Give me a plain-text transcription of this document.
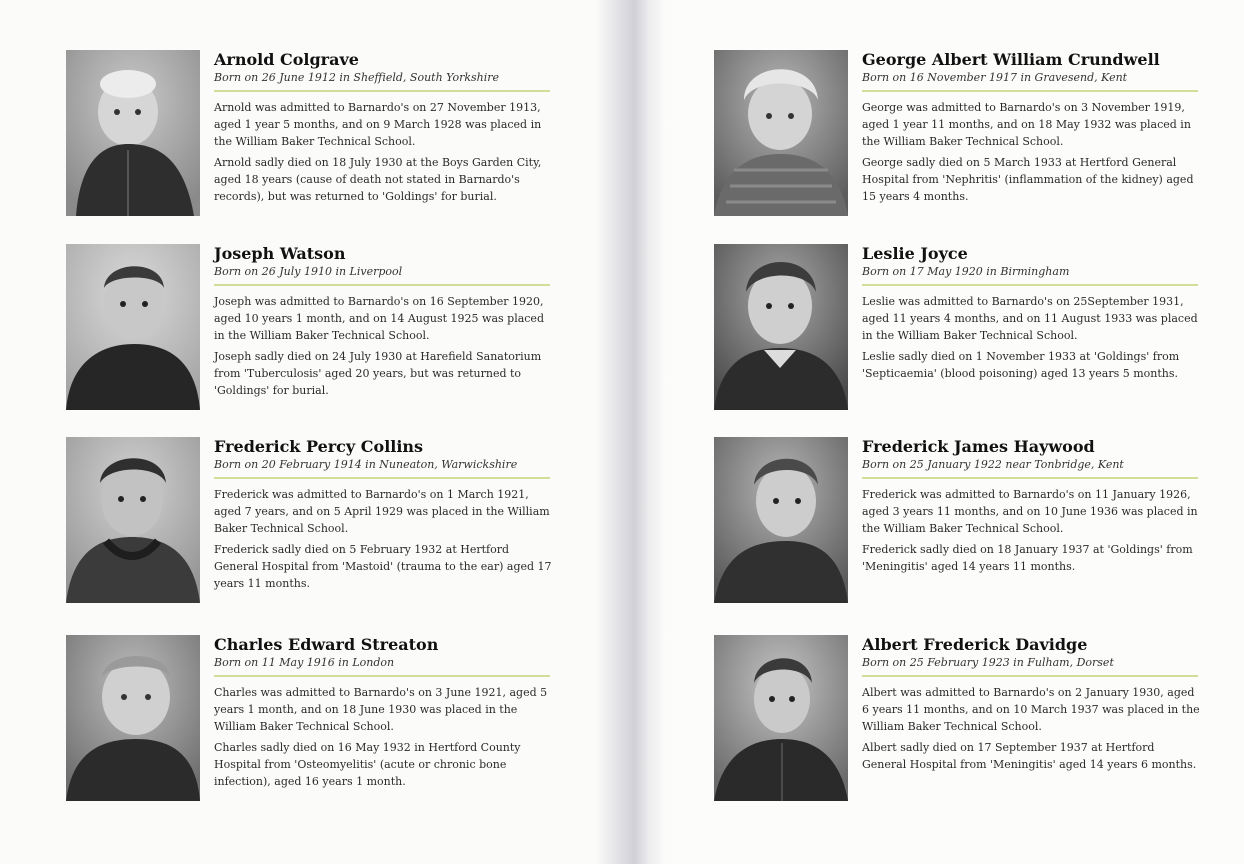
Arnold Colgrave

Born on 26 June 1912 in Sheffield, South Yorkshire

Arnold was admitted to Barnardo's on 27 November 1913, aged 1 year 5 months, and on 9 March 1928 was placed in the William Baker Technical School.

Arnold sadly died on 18 July 1930 at the Boys Garden City, aged 18 years (cause of death not stated in Barnardo's records), but was returned to 'Goldings' for burial.

Joseph Watson

Born on 26 July 1910 in Liverpool

Joseph was admitted to Barnardo's on 16 September 1920, aged 10 years 1 month, and on 14 August 1925 was placed in the William Baker Technical School.

Joseph sadly died on 24 July 1930 at Harefield Sanatorium from 'Tuberculosis' aged 20 years, but was returned to 'Goldings' for burial.

Frederick Percy Collins

Born on 20 February 1914 in Nuneaton, Warwickshire

Frederick was admitted to Barnardo's on 1 March 1921, aged 7 years, and on 5 April 1929 was placed in the William Baker Technical School.

Frederick sadly died on 5 February 1932 at Hertford General Hospital from 'Mastoid' (trauma to the ear) aged 17 years 11 months.

Charles Edward Streaton

Born on 11 May 1916 in London

Charles was admitted to Barnardo's on 3 June 1921, aged 5 years 1 month, and on 18 June 1930 was placed in the William Baker Technical School.

Charles sadly died on 16 May 1932 in Hertford County Hospital from 'Osteomyelitis' (acute or chronic bone infection), aged 16 years 1 month.

George Albert William Crundwell

Born on 16 November 1917 in Gravesend, Kent

George was admitted to Barnardo's on 3 November 1919, aged 1 year 11 months, and on 18 May 1932 was placed in the William Baker Technical School.

George sadly died on 5 March 1933 at Hertford General Hospital from 'Nephritis' (inflammation of the kidney) aged 15 years 4 months.

Leslie Joyce

Born on 17 May 1920 in Birmingham

Leslie was admitted to Barnardo's on 25September 1931, aged 11 years 4 months, and on 11 August 1933 was placed in the William Baker Technical School.

Leslie sadly died on 1 November 1933 at 'Goldings' from 'Septicaemia' (blood poisoning) aged 13 years 5 months.

Frederick James Haywood

Born on 25 January 1922 near Tonbridge, Kent

Frederick was admitted to Barnardo's on 11 January 1926, aged 3 years 11 months, and on 10 June 1936 was placed in the William Baker Technical School.

Frederick sadly died on 18 January 1937 at 'Goldings' from 'Meningitis' aged 14 years 11 months.

Albert Frederick Davidge

Born on 25 February 1923 in Fulham, Dorset

Albert was admitted to Barnardo's on 2 January 1930, aged 6 years 11 months, and on 10 March 1937 was placed in the William Baker Technical School.

Albert sadly died on 17 September 1937 at Hertford General Hospital from 'Meningitis' aged 14 years 6 months.
